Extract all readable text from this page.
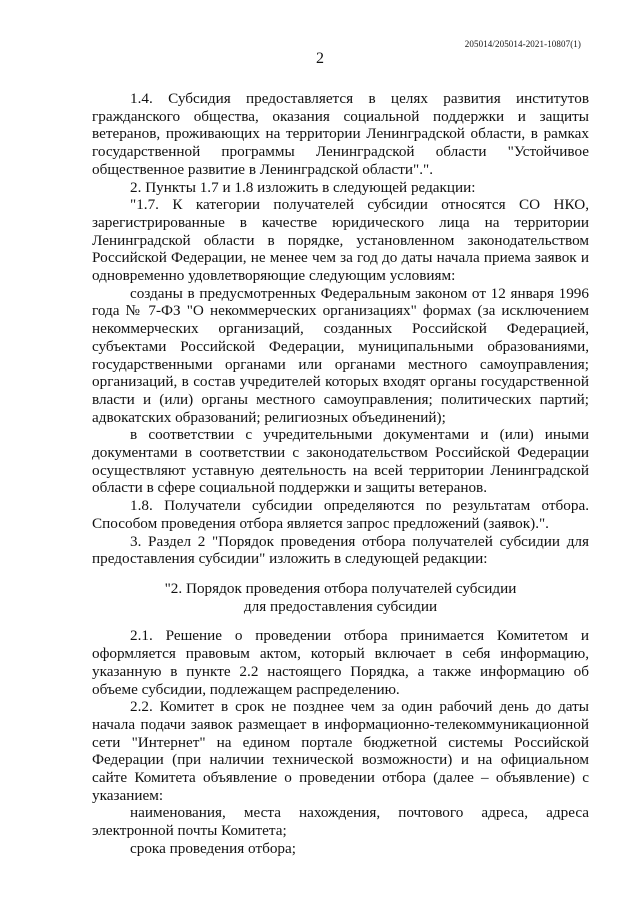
205014/205014-2021-10807(1)
2

1.4. Субсидия предоставляется в целях развития институтов гражданского общества, оказания социальной поддержки и защиты ветеранов, проживающих на территории Ленинградской области, в рамках государственной программы Ленинградской области "Устойчивое общественное развитие в Ленинградской области".".

2. Пункты 1.7 и 1.8 изложить в следующей редакции:

"1.7. К категории получателей субсидии относятся СО НКО, зарегистрированные в качестве юридического лица на территории Ленинградской области в порядке, установленном законодательством Российской Федерации, не менее чем за год до даты начала приема заявок и одновременно удовлетворяющие следующим условиям:

созданы в предусмотренных Федеральным законом от 12 января 1996 года № 7-ФЗ "О некоммерческих организациях" формах (за исключением некоммерческих организаций, созданных Российской Федерацией, субъектами Российской Федерации, муниципальными образованиями, государственными органами или органами местного самоуправления; организаций, в состав учредителей которых входят органы государственной власти и (или) органы местного самоуправления; политических партий; адвокатских образований; религиозных объединений);

в соответствии с учредительными документами и (или) иными документами в соответствии с законодательством Российской Федерации осуществляют уставную деятельность на всей территории Ленинградской области в сфере социальной поддержки и защиты ветеранов.

1.8. Получатели субсидии определяются по результатам отбора. Способом проведения отбора является запрос предложений (заявок).".

3. Раздел 2 "Порядок проведения отбора получателей субсидии для предоставления субсидии" изложить в следующей редакции:

"2. Порядок проведения отбора получателей субсидии
для предоставления субсидии

2.1. Решение о проведении отбора принимается Комитетом и оформляется правовым актом, который включает в себя информацию, указанную в пункте 2.2 настоящего Порядка, а также информацию об объеме субсидии, подлежащем распределению.

2.2. Комитет в срок не позднее чем за один рабочий день до даты начала подачи заявок размещает в информационно-телекоммуникационной сети "Интернет" на едином портале бюджетной системы Российской Федерации (при наличии технической возможности) и на официальном сайте Комитета объявление о проведении отбора (далее – объявление) с указанием:

наименования, места нахождения, почтового адреса, адреса электронной почты Комитета;

срока проведения отбора;
